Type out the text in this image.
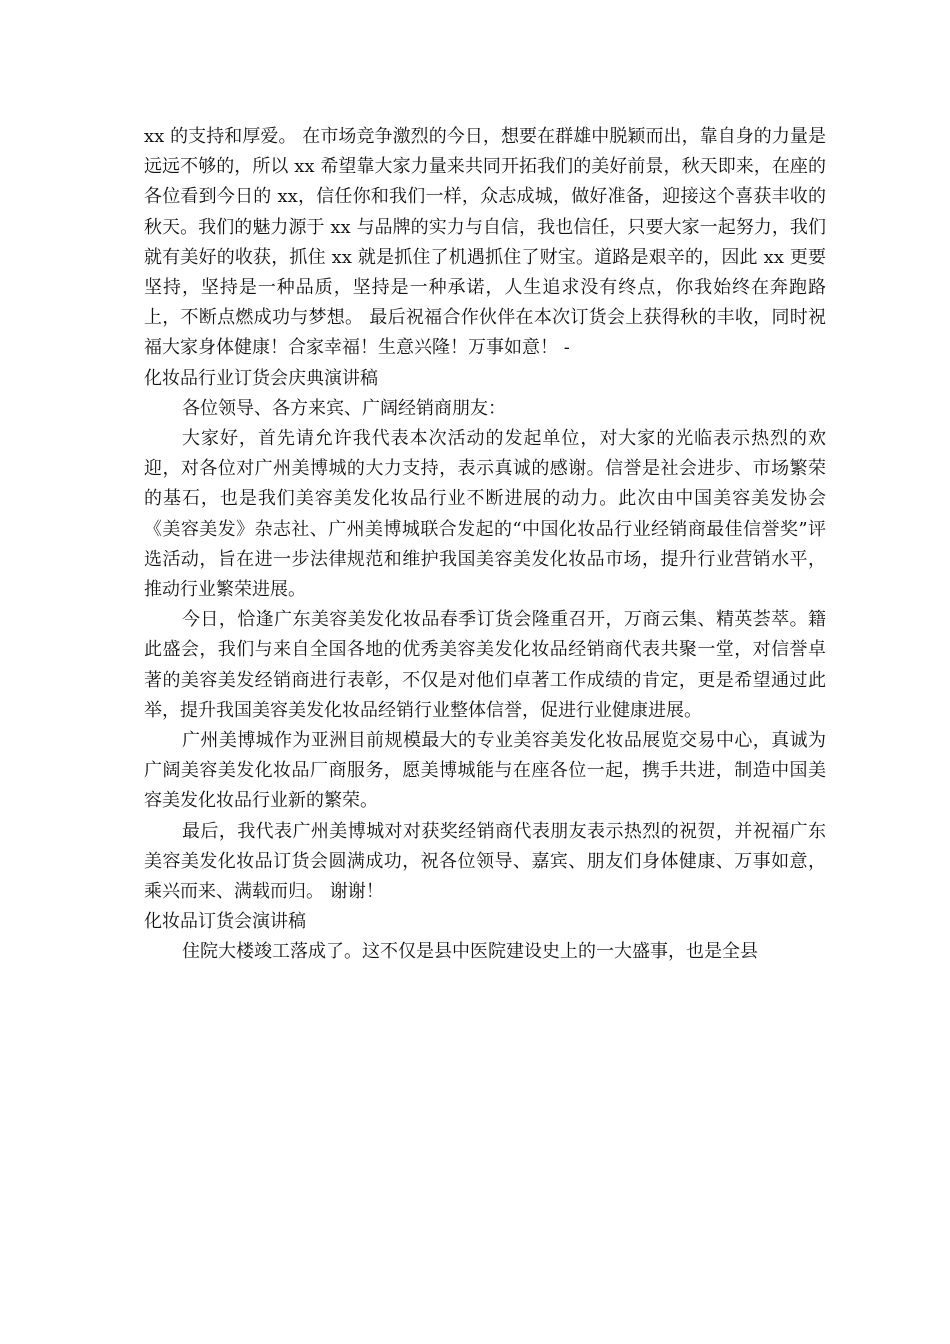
xx 的支持和厚爱。 在市场竞争激烈的今日，想要在群雄中脱颖而出，靠自身的力量是远远不够的，所以 xx 希望靠大家力量来共同开拓我们的美好前景，秋天即来，在座的各位看到今日的 xx，信任你和我们一样，众志成城，做好准备，迎接这个喜获丰收的秋天。我们的魅力源于 xx 与品牌的实力与自信，我也信任，只要大家一起努力，我们就有美好的收获，抓住 xx 就是抓住了机遇抓住了财宝。道路是艰辛的，因此 xx 更要坚持，坚持是一种品质，坚持是一种承诺，人生追求没有终点，你我始终在奔跑路上，不断点燃成功与梦想。 最后祝福合作伙伴在本次订货会上获得秋的丰收，同时祝福大家身体健康！合家幸福！生意兴隆！万事如意！ -

化妆品行业订货会庆典演讲稿

各位领导、各方来宾、广阔经销商朋友：

大家好，首先请允许我代表本次活动的发起单位，对大家的光临表示热烈的欢迎，对各位对广州美博城的大力支持，表示真诚的感谢。信誉是社会进步、市场繁荣的基石，也是我们美容美发化妆品行业不断进展的动力。此次由中国美容美发协会《美容美发》杂志社、广州美博城联合发起的“中国化妆品行业经销商最佳信誉奖”评选活动，旨在进一步法律规范和维护我国美容美发化妆品市场，提升行业营销水平，推动行业繁荣进展。

今日，恰逢广东美容美发化妆品春季订货会隆重召开，万商云集、精英荟萃。籍此盛会，我们与来自全国各地的优秀美容美发化妆品经销商代表共聚一堂，对信誉卓著的美容美发经销商进行表彰，不仅是对他们卓著工作成绩的肯定，更是希望通过此举，提升我国美容美发化妆品经销行业整体信誉，促进行业健康进展。

广州美博城作为亚洲目前规模最大的专业美容美发化妆品展览交易中心，真诚为广阔美容美发化妆品厂商服务，愿美博城能与在座各位一起，携手共进，制造中国美容美发化妆品行业新的繁荣。

最后，我代表广州美博城对对获奖经销商代表朋友表示热烈的祝贺，并祝福广东美容美发化妆品订货会圆满成功，祝各位领导、嘉宾、朋友们身体健康、万事如意，乘兴而来、满载而归。 谢谢！

化妆品订货会演讲稿

住院大楼竣工落成了。这不仅是县中医院建设史上的一大盛事，也是全县
